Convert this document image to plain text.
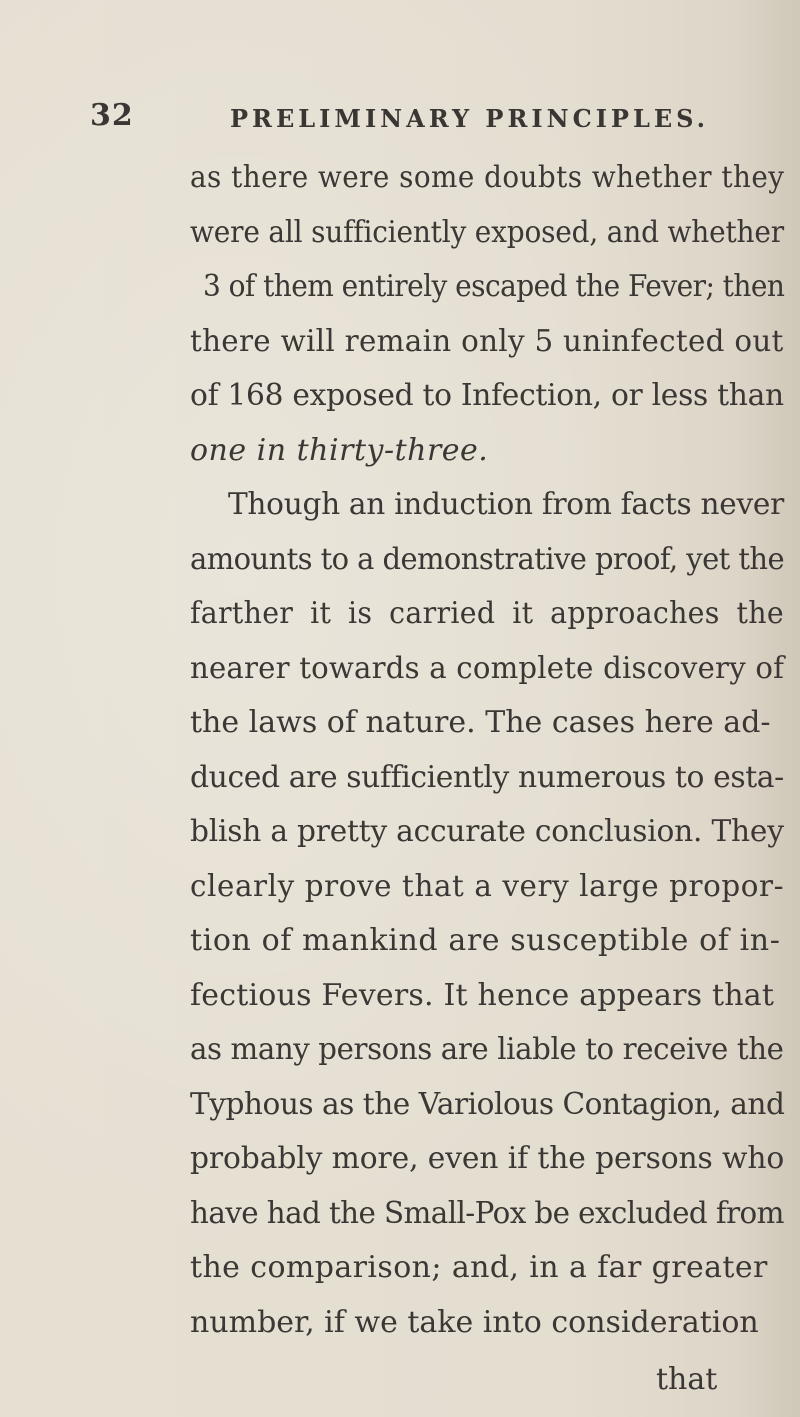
32	PRELIMINARY PRINCIPLES.
as there were some doubts whether they
were all sufficiently exposed, and whether
3 of them entirely escaped the Fever; then
there will remain only 5 uninfected out
of 168 exposed to Infection, or less than
one in thirty-three.
Though an induction from facts never
amounts to a demonstrative proof, yet the
farther it is carried it approaches the
nearer towards a complete discovery of
the laws of nature. The cases here ad-
duced are sufficiently numerous to esta-
blish a pretty accurate conclusion. They
clearly prove that a very large propor-
tion of mankind are susceptible of in-
fectious Fevers. It hence appears that
as many persons are liable to receive the
Typhous as the Variolous Contagion, and
probably more, even if the persons who
have had the Small-Pox be excluded from
the comparison; and, in a far greater
number, if we take into consideration
that
